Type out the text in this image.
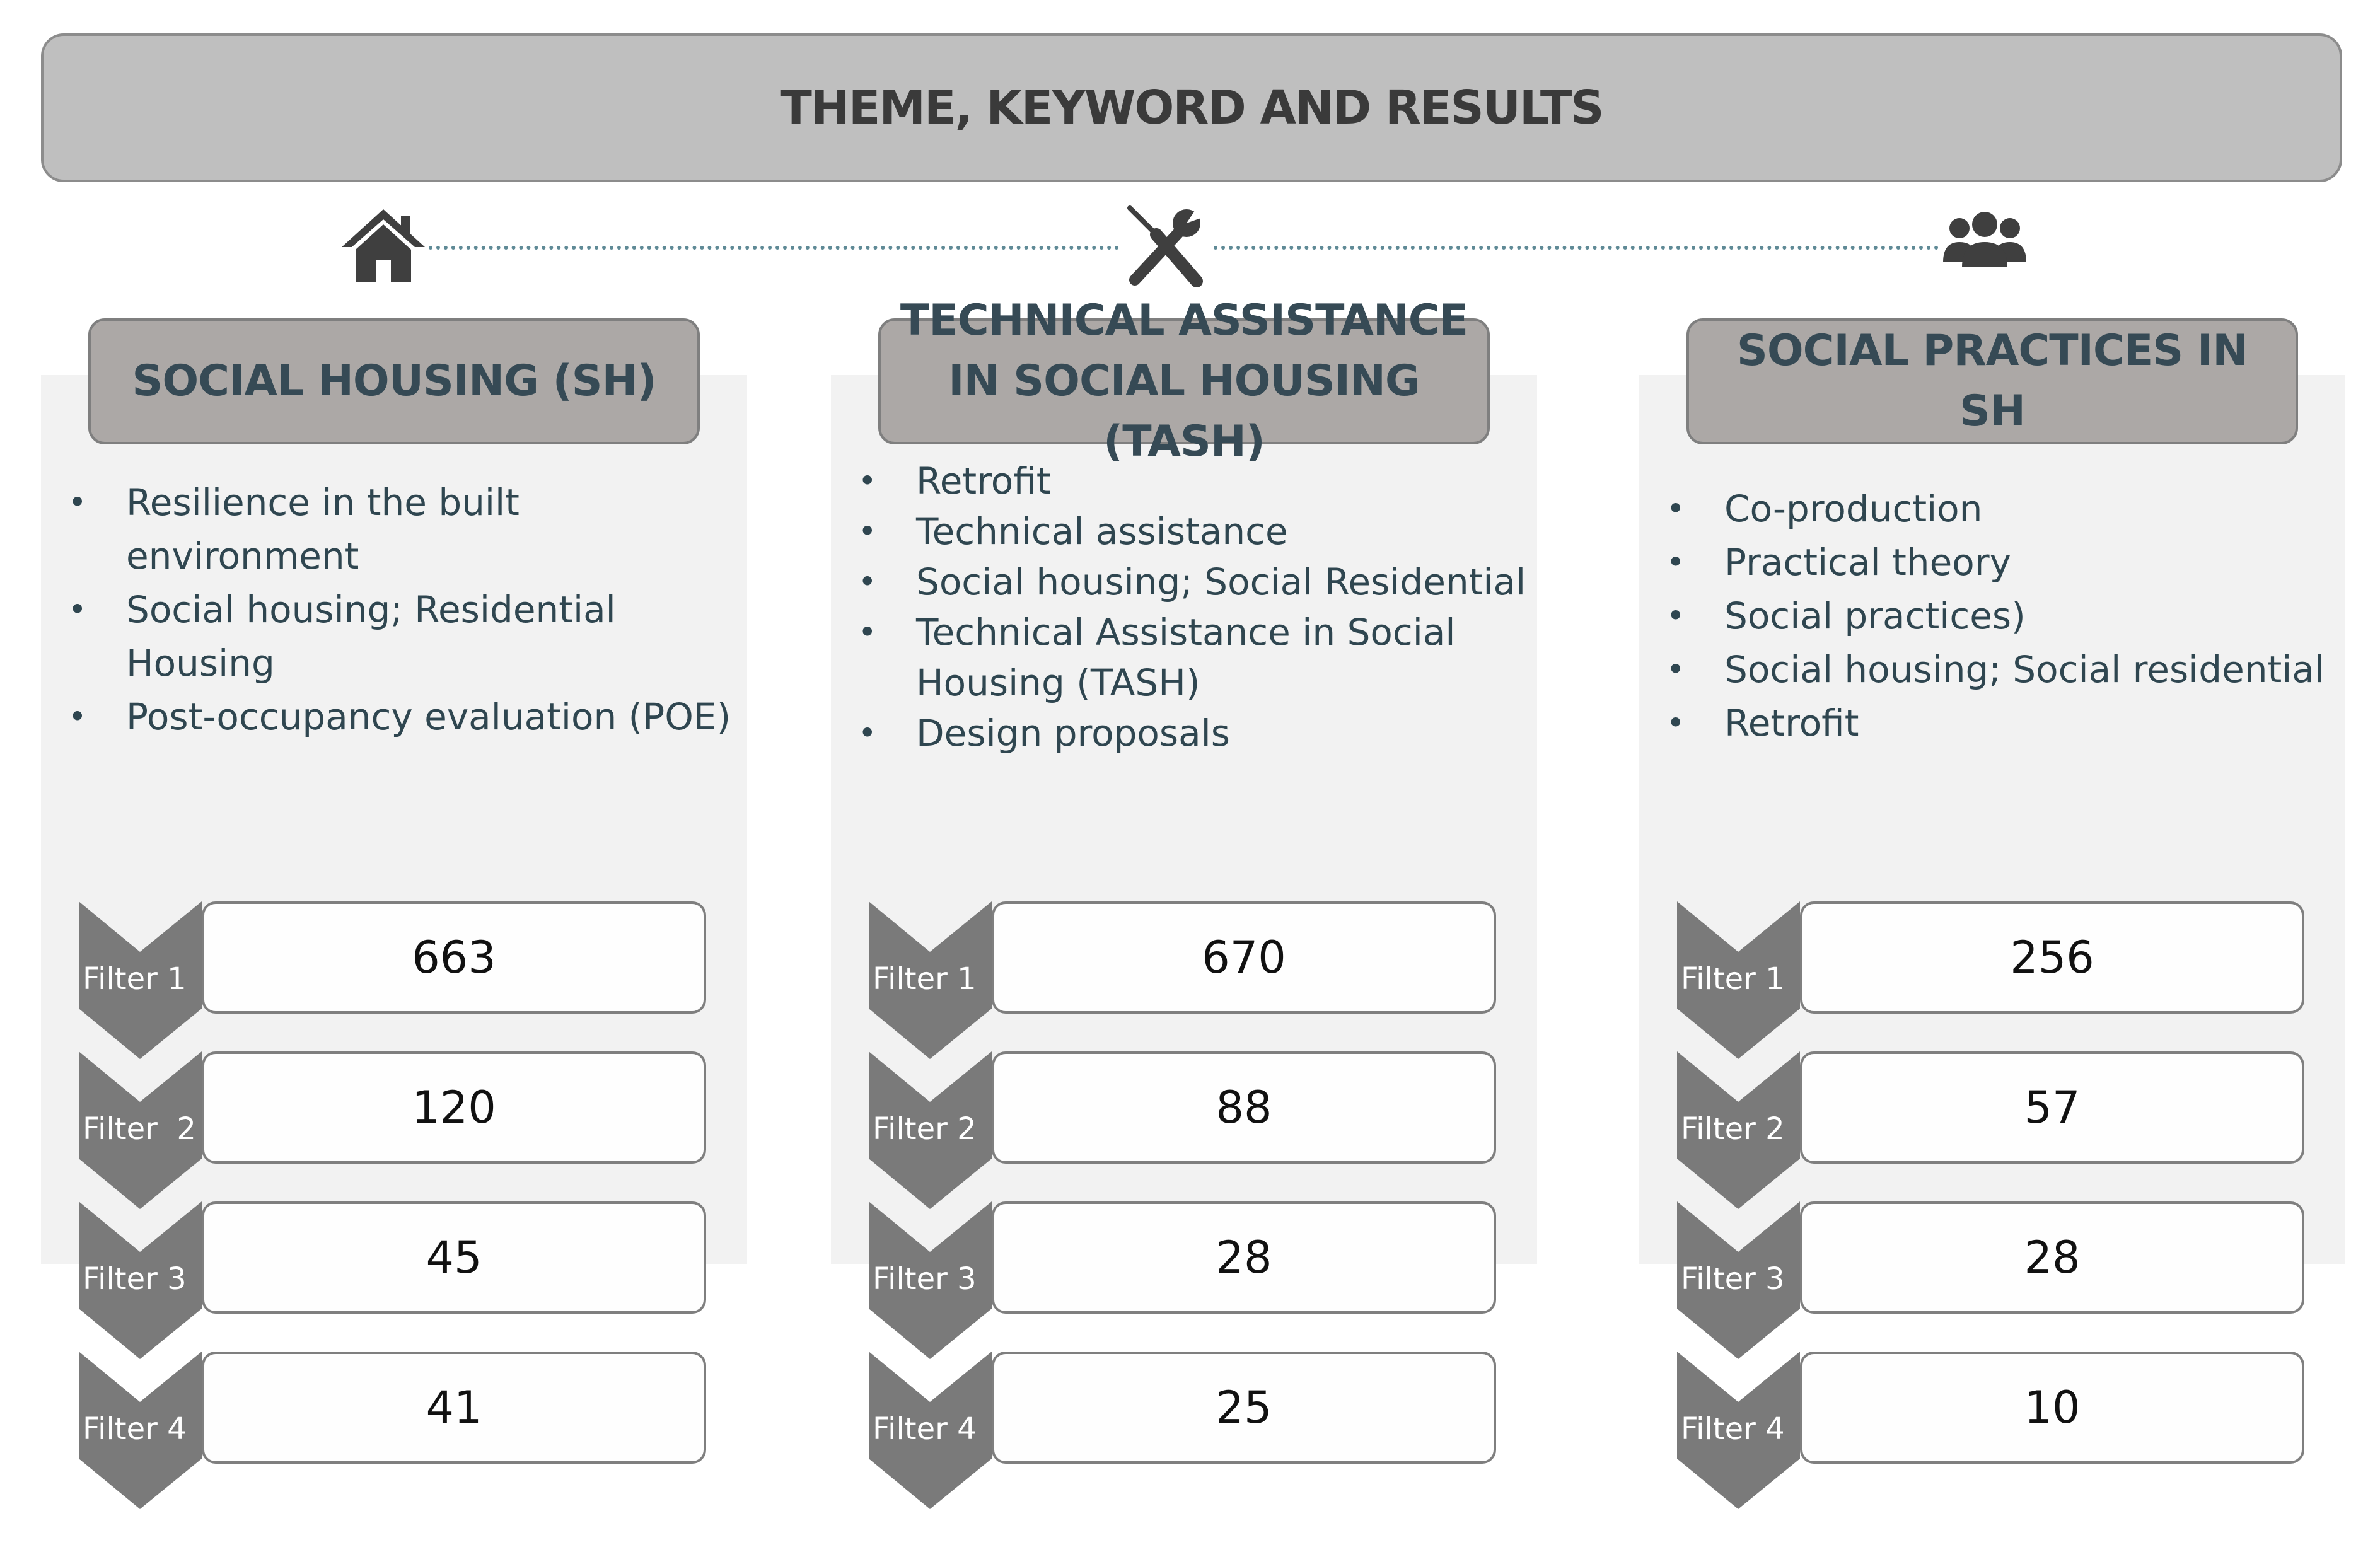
THEME, KEYWORD AND RESULTS
SOCIAL HOUSING (SH)
• Resilience in the built environment
• Social housing; Residential Housing
• Post-occupancy evaluation (POE)
Filter 1	663
Filter  2	120
Filter 3	45
Filter 4	41
TECHNICAL ASSISTANCE IN SOCIAL HOUSING (TASH)
• Retrofit
• Technical assistance
• Social housing; Social Residential
• Technical Assistance in Social Housing (TASH)
• Design proposals
Filter 1	670
Filter 2	88
Filter 3	28
Filter 4	25
SOCIAL PRACTICES IN SH
• Co-production
• Practical theory
• Social practices)
• Social housing; Social residential
• Retrofit
Filter 1	256
Filter 2	57
Filter 3	28
Filter 4	10
